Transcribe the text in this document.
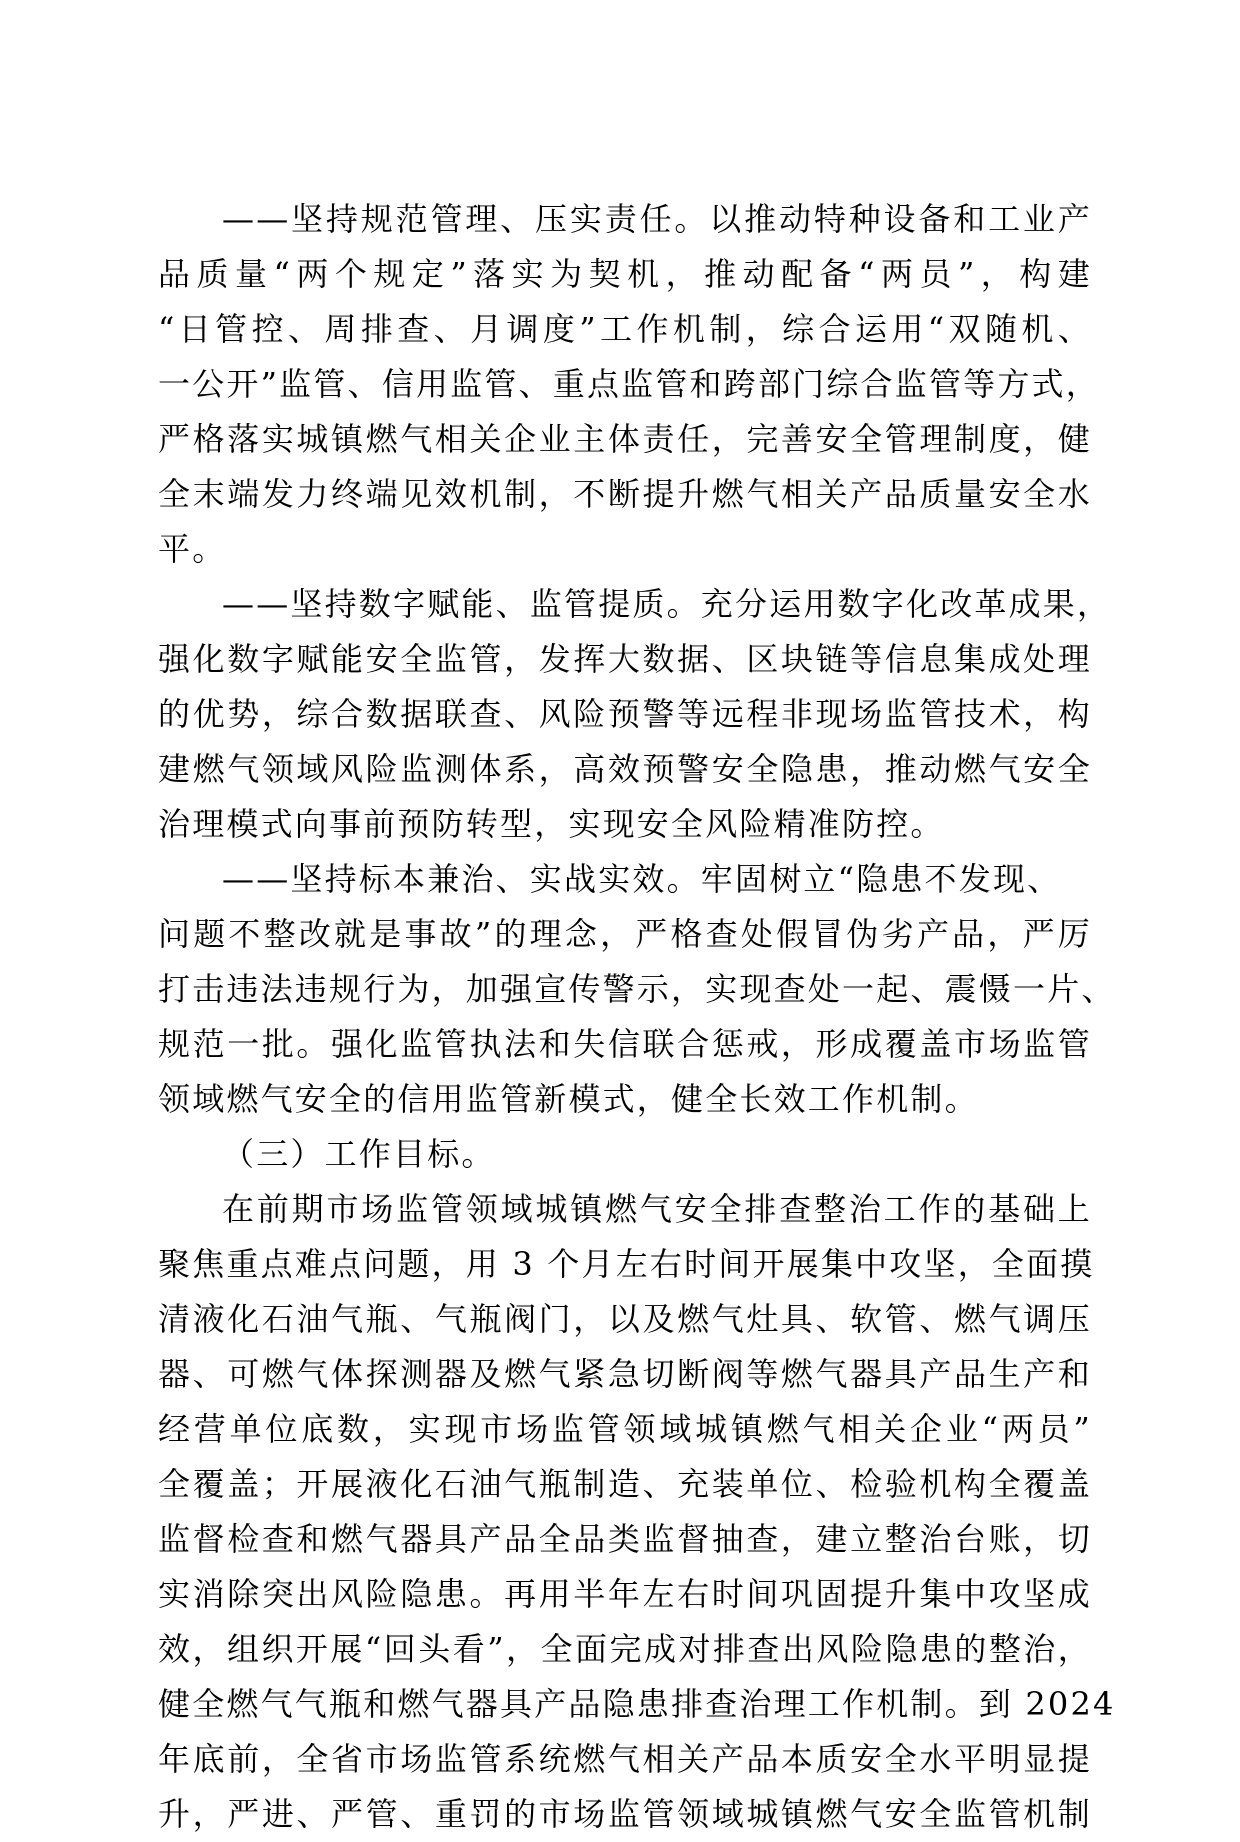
——坚持规范管理、压实责任。以推动特种设备和工业产
品质量“两个规定”落实为契机，推动配备“两员”，构建
“日管控、周排查、月调度”工作机制，综合运用“双随机、
一公开”监管、信用监管、重点监管和跨部门综合监管等方式，
严格落实城镇燃气相关企业主体责任，完善安全管理制度，健
全末端发力终端见效机制，不断提升燃气相关产品质量安全水
平。
——坚持数字赋能、监管提质。充分运用数字化改革成果，
强化数字赋能安全监管，发挥大数据、区块链等信息集成处理
的优势，综合数据联查、风险预警等远程非现场监管技术，构
建燃气领域风险监测体系，高效预警安全隐患，推动燃气安全
治理模式向事前预防转型，实现安全风险精准防控。
——坚持标本兼治、实战实效。牢固树立“隐患不发现、
问题不整改就是事故”的理念，严格查处假冒伪劣产品，严厉
打击违法违规行为，加强宣传警示，实现查处一起、震慑一片、
规范一批。强化监管执法和失信联合惩戒，形成覆盖市场监管
领域燃气安全的信用监管新模式，健全长效工作机制。
（三）工作目标。
在前期市场监管领域城镇燃气安全排查整治工作的基础上
聚焦重点难点问题，用 3 个月左右时间开展集中攻坚，全面摸
清液化石油气瓶、气瓶阀门，以及燃气灶具、软管、燃气调压
器、可燃气体探测器及燃气紧急切断阀等燃气器具产品生产和
经营单位底数，实现市场监管领域城镇燃气相关企业“两员”
全覆盖；开展液化石油气瓶制造、充装单位、检验机构全覆盖
监督检查和燃气器具产品全品类监督抽查，建立整治台账，切
实消除突出风险隐患。再用半年左右时间巩固提升集中攻坚成
效，组织开展“回头看”，全面完成对排查出风险隐患的整治，
健全燃气气瓶和燃气器具产品隐患排查治理工作机制。到 2024
年底前，全省市场监管系统燃气相关产品本质安全水平明显提
升，严进、严管、重罚的市场监管领域城镇燃气安全监管机制
